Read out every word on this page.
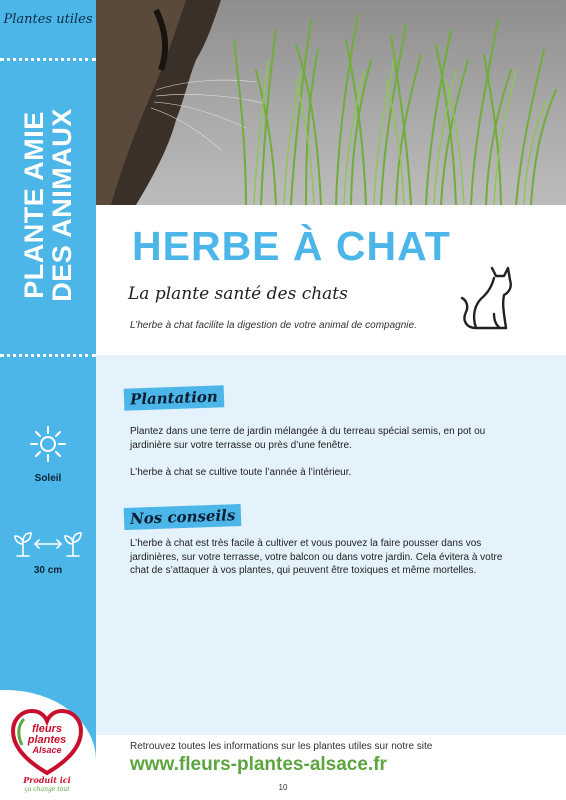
Plantes utiles
PLANTE AMIE
DES ANIMAUX
Soleil
30 cm
fleurs
plantes
Alsace
Produit ici
ça change tout
HERBE À CHAT
La plante santé des chats
L’herbe à chat facilite la digestion de votre animal de compagnie.
Plantation

Plantez dans une terre de jardin mélangée à du terreau spécial semis, en pot ou jardinière sur votre terrasse ou près d’une fenêtre.

L’herbe à chat se cultive toute l’année à l’intérieur.

Nos conseils

L’herbe à chat est très facile à cultiver et vous pouvez la faire pousser dans vos jardinières, sur votre terrasse, votre balcon ou dans votre jardin. Cela évitera à votre chat de s’attaquer à vos plantes, qui peuvent être toxiques et même mortelles.

Retrouvez toutes les informations sur les plantes utiles sur notre site
www.fleurs-plantes-alsace.fr
10
